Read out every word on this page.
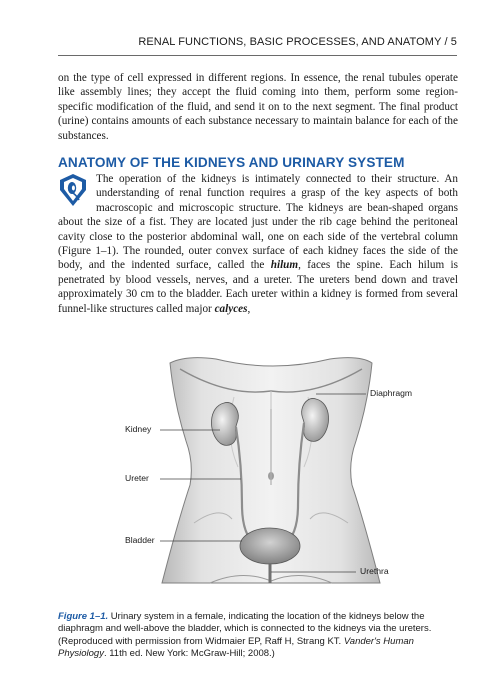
RENAL FUNCTIONS, BASIC PROCESSES, AND ANATOMY / 5

on the type of cell expressed in different regions. In essence, the renal tubules operate like assembly lines; they accept the fluid coming into them, perform some region-specific modification of the fluid, and send it on to the next segment. The final product (urine) contains amounts of each substance necessary to maintain balance for each of the substances.

ANATOMY OF THE KIDNEYS AND URINARY SYSTEM

The operation of the kidneys is intimately connected to their structure. An understanding of renal function requires a grasp of the key aspects of both macroscopic and microscopic structure. The kidneys are bean-shaped organs about the size of a fist. They are located just under the rib cage behind the peritoneal cavity close to the posterior abdominal wall, one on each side of the vertebral column (Figure 1–1). The rounded, outer convex surface of each kidney faces the side of the body, and the indented surface, called the hilum, faces the spine. Each hilum is penetrated by blood vessels, nerves, and a ureter. The ureters bend down and travel approximately 30 cm to the bladder. Each ureter within a kidney is formed from several funnel-like structures called major calyces,

Diaphragm
Kidney
Ureter
Bladder
Urethra

Figure 1–1. Urinary system in a female, indicating the location of the kidneys below the diaphragm and well-above the bladder, which is connected to the kidneys via the ureters. (Reproduced with permission from Widmaier EP, Raff H, Strang KT. Vander's Human Physiology. 11th ed. New York: McGraw-Hill; 2008.)
